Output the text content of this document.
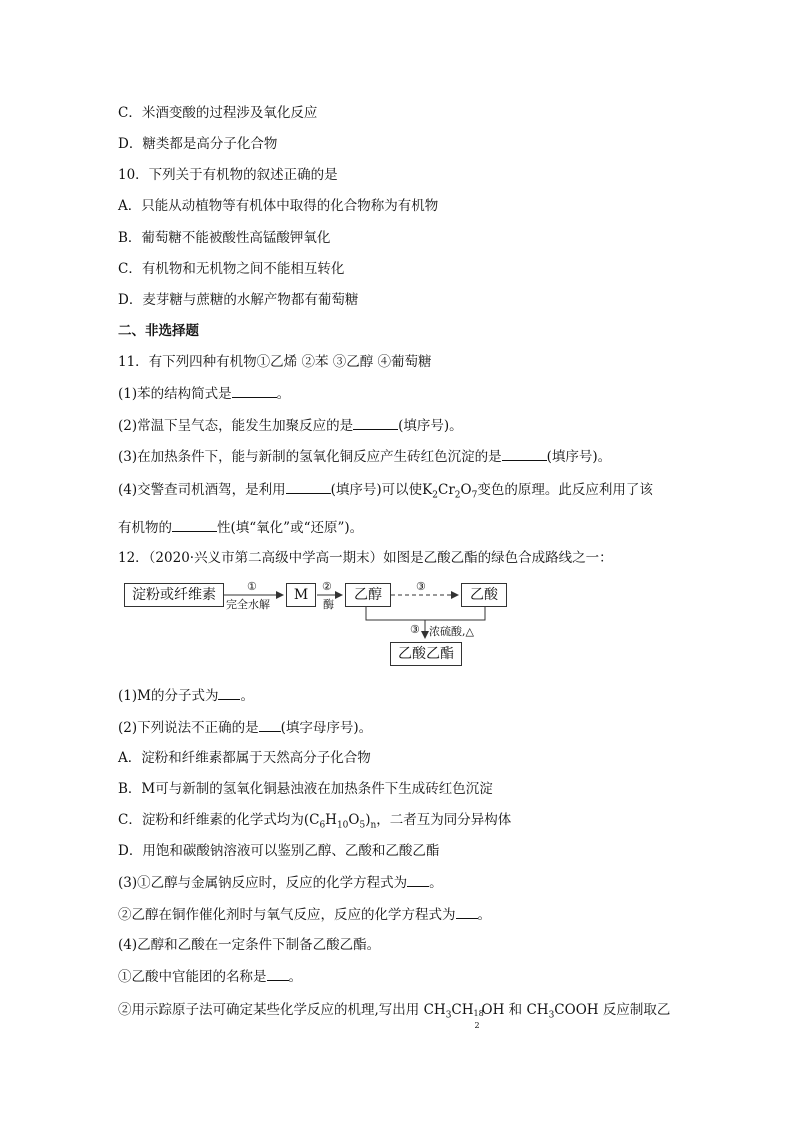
C．米酒变酸的过程涉及氧化反应
D．糖类都是高分子化合物
10．下列关于有机物的叙述正确的是
A．只能从动植物等有机体中取得的化合物称为有机物
B．葡萄糖不能被酸性高锰酸钾氧化
C．有机物和无机物之间不能相互转化
D．麦芽糖与蔗糖的水解产物都有葡萄糖
二、非选择题
11．有下列四种有机物①乙烯 ②苯 ③乙醇 ④葡萄糖
(1)苯的结构简式是	。
(2)常温下呈气态，能发生加聚反应的是	(填序号)。
(3)在加热条件下，能与新制的氢氧化铜反应产生砖红色沉淀的是	(填序号)。
(4)交警查司机酒驾，是利用	(填序号)可以使$K_2Cr_2O_7$变色的原理。此反应利用了该
有机物的	性(填“氧化”或“还原”)。
12．（2020·兴义市第二高级中学高一期末）如图是乙酸乙酯的绿色合成路线之一：
淀粉或纤维素	M	乙醇	乙酸
乙酸乙酯
①
完全水解
②
酶
③
③ 浓硫酸,△
(1)M的分子式为 。
(2)下列说法不正确的是 (填字母序号)。
A．淀粉和纤维素都属于天然高分子化合物
B．M可与新制的氢氧化铜悬浊液在加热条件下生成砖红色沉淀
C．淀粉和纤维素的化学式均为$(C_6H_{10}O_5)_n$，二者互为同分异构体
D．用饱和碳酸钠溶液可以鉴别乙醇、乙酸和乙酸乙酯
(3)①乙醇与金属钠反应时，反应的化学方程式为 。
②乙醇在铜作催化剂时与氧气反应，反应的化学方程式为 。
(4)乙醇和乙酸在一定条件下制备乙酸乙酯。
①乙酸中官能团的名称是 。
②用示踪原子法可确定某些化学反应的机理,写出用 $CH_3CH$ 18
2
OH 和 $CH_3COOH$ 反应制取乙
